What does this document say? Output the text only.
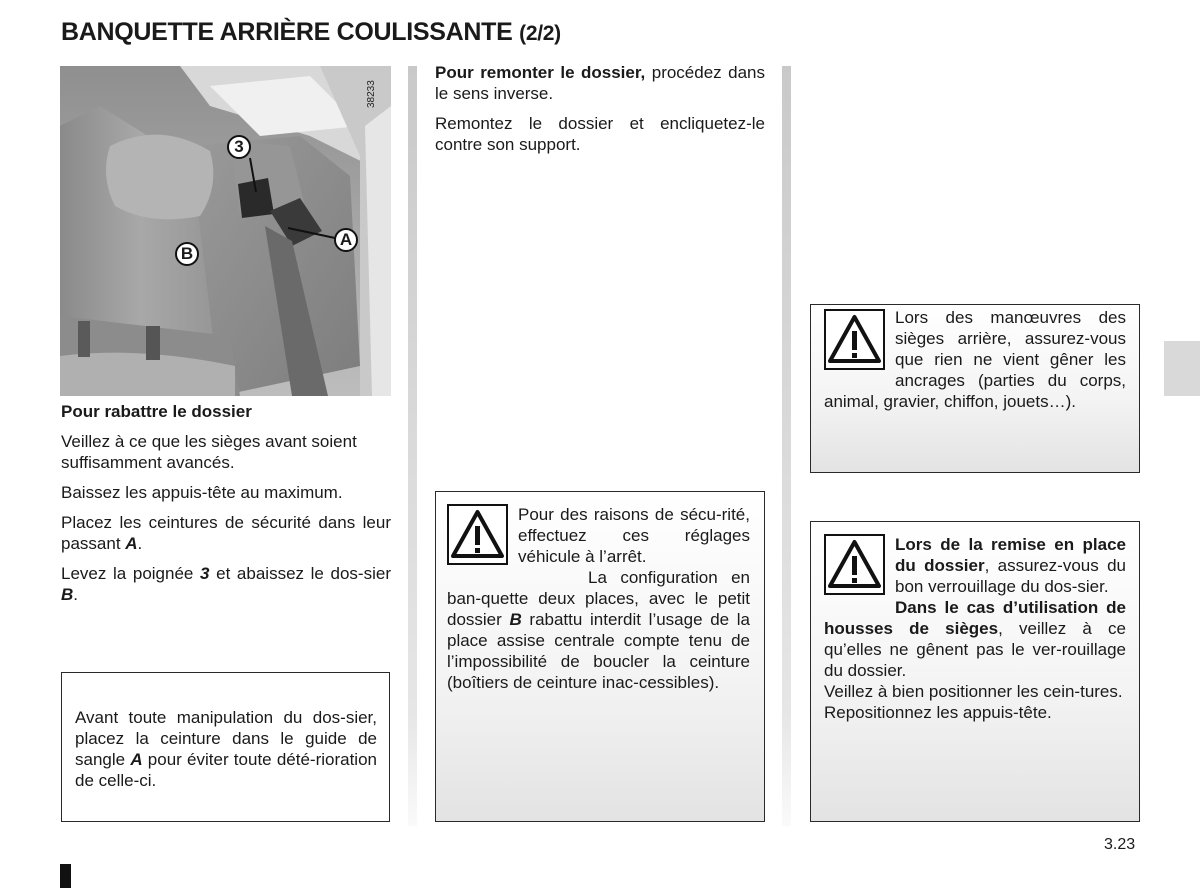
BANQUETTE ARRIÈRE COULISSANTE (2/2)
38233
3
A
B

Pour rabattre le dossier

Veillez à ce que les sièges avant soient suffisamment avancés.

Baissez les appuis-tête au maximum.

Placez les ceintures de sécurité dans leur passant A.

Levez la poignée 3 et abaissez le dos-sier B.

Avant toute manipulation du dos-sier, placez la ceinture dans le guide de sangle A pour éviter toute dété-rioration de celle-ci.

Pour remonter le dossier, procédez dans le sens inverse.

Remontez le dossier et encliquetez-le contre son support.

Pour des raisons de sécu-rité, effectuez ces réglages véhicule à l’arrêt.

La configuration en ban-quette deux places, avec le petit dossier B rabattu interdit l’usage de la place assise centrale compte tenu de l’impossibilité de boucler la ceinture (boîtiers de ceinture inac-cessibles).

Lors des manœuvres des sièges arrière, assurez-vous que rien ne vient gêner les ancrages (parties du corps, animal, gravier, chiffon, jouets…).

Lors de la remise en place du dossier, assurez-vous du bon verrouillage du dos-sier.

Dans le cas d’utilisation de housses de sièges, veillez à ce qu’elles ne gênent pas le ver-rouillage du dossier.

Veillez à bien positionner les cein-tures.

Repositionnez les appuis-tête.

3.23
